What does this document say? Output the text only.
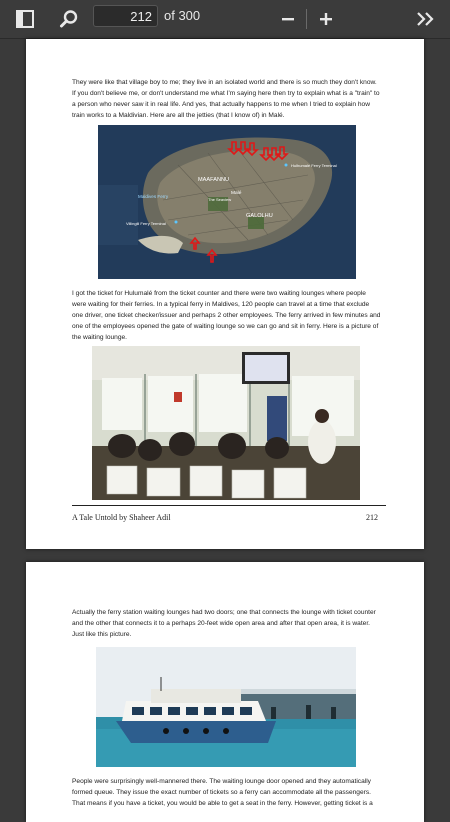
212
of 300

They were like that village boy to me; they live in an isolated world and there is so much they don't know. If you don't believe me, or don't understand me what I'm saying here then try to explain what is a "train" to a person who never saw it in real life. And yes, that actually happens to me when I tried to explain how train works to a Maldivian. Here are all the jetties (that I know of) in Malé.

MAAFANNU
GALOLHU
Hulhumalé Ferry Terminal
Villingili Ferry Terminal
Maldives Ferry
Malé
The Seaview

I got the ticket for Hulumalé from the ticket counter and there were two waiting lounges where people were waiting for their ferries. In a typical ferry in Maldives, 120 people can travel at a time that exclude one driver, one ticket checker/issuer and perhaps 2 other employees. The ferry arrived in few minutes and one of the employees opened the gate of waiting lounge so we can go and sit in ferry. Here is a picture of the waiting lounge.

A Tale Untold by Shaheer Adil	212

Actually the ferry station waiting lounges had two doors; one that connects the lounge with ticket counter and the other that connects it to a perhaps 20-feet wide open area and after that open area, it is water. Just like this picture.

People were surprisingly well-mannered there. The waiting lounge door opened and they automatically formed queue. They issue the exact number of tickets so a ferry can accommodate all the passengers. That means if you have a ticket, you would be able to get a seat in the ferry. However, getting ticket is a
